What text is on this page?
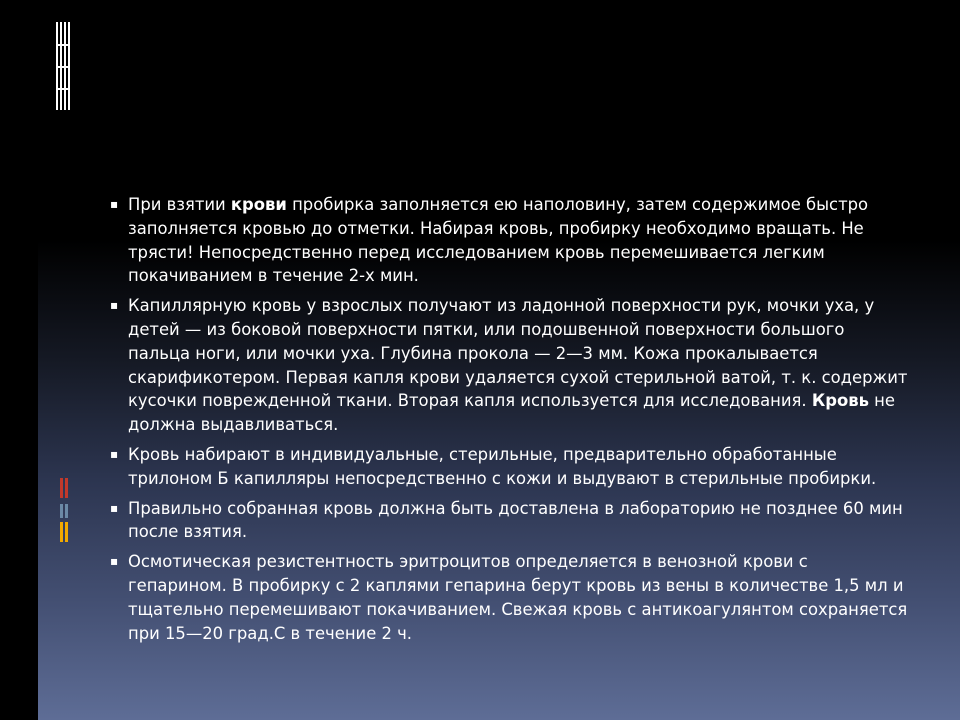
▪ При взятии крови пробирка заполняется ею наполовину, затем содержимое быстро заполняется кровью до отметки. Набирая кровь, пробирку необходимо вращать. Не трясти! Непосредственно перед исследованием кровь перемешивается легким покачиванием в течение 2-х мин.
▪ Капиллярную кровь у взрослых получают из ладонной поверхности рук, мочки уха, у детей — из боковой поверхности пятки, или подошвенной поверхности большого пальца ноги, или мочки уха. Глубина прокола — 2—3 мм. Кожа прокалывается скарификотером. Первая капля крови удаляется сухой стерильной ватой, т. к. содержит кусочки поврежденной ткани. Вторая капля используется для исследования. Кровь не должна выдавливаться.
▪ Кровь набирают в индивидуальные, стерильные, предварительно обработанные трилоном Б капилляры непосредственно с кожи и выдувают в стерильные пробирки.
▪ Правильно собранная кровь должна быть доставлена в лабораторию не позднее 60 мин после взятия.
▪ Осмотическая резистентность эритроцитов определяется в венозной крови с гепарином. В пробирку с 2 каплями гепарина берут кровь из вены в количестве 1,5 мл и тщательно перемешивают покачиванием. Свежая кровь с антикоагулянтом сохраняется при 15—20 град.С в течение 2 ч.
